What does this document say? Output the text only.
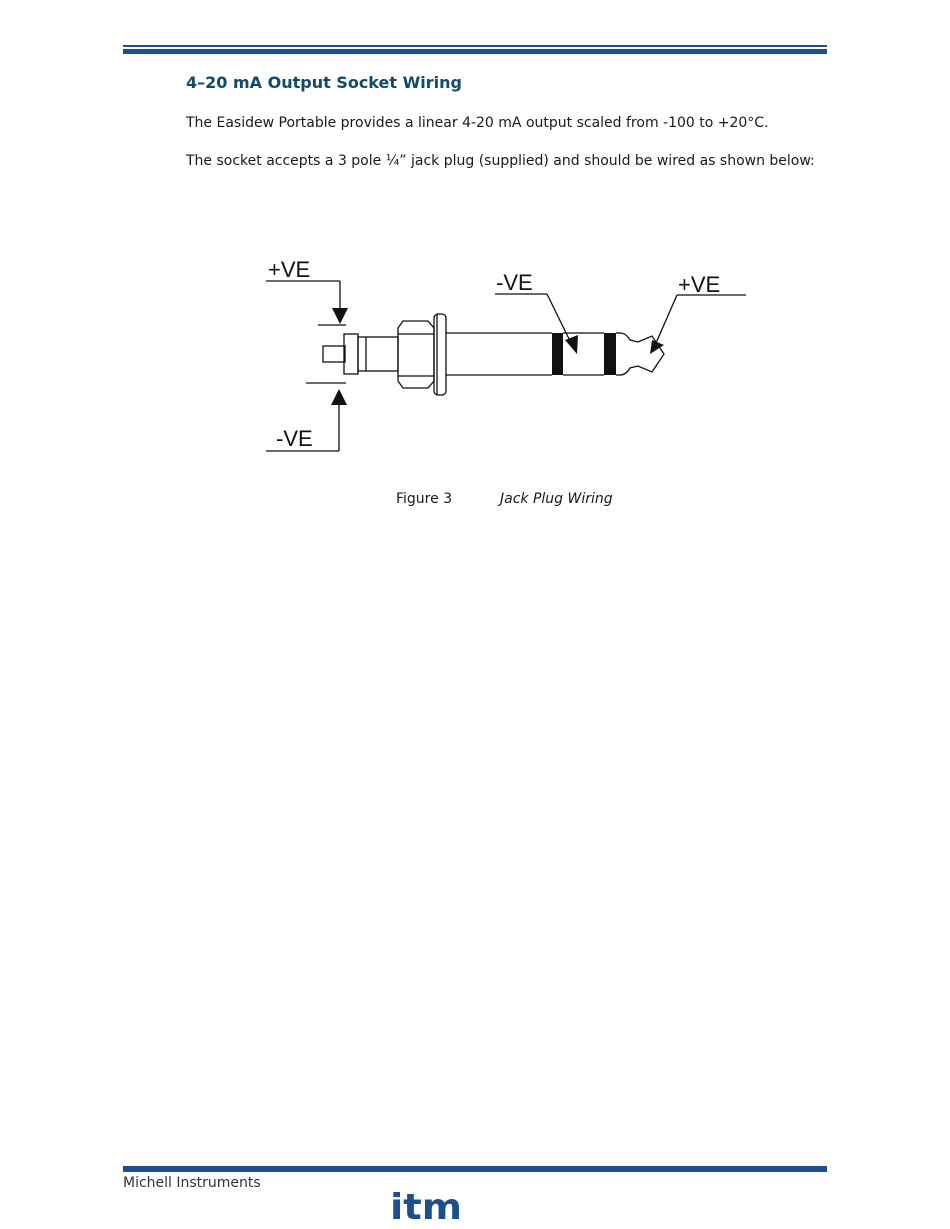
4–20 mA Output Socket Wiring

The Easidew Portable provides a linear 4-20 mA output scaled from -100 to +20°C.

The socket accepts a 3 pole ¼” jack plug (supplied) and should be wired as shown below:

+VE
-VE
-VE	+VE
Figure 3	Jack Plug Wiring
Michell Instruments
itm
